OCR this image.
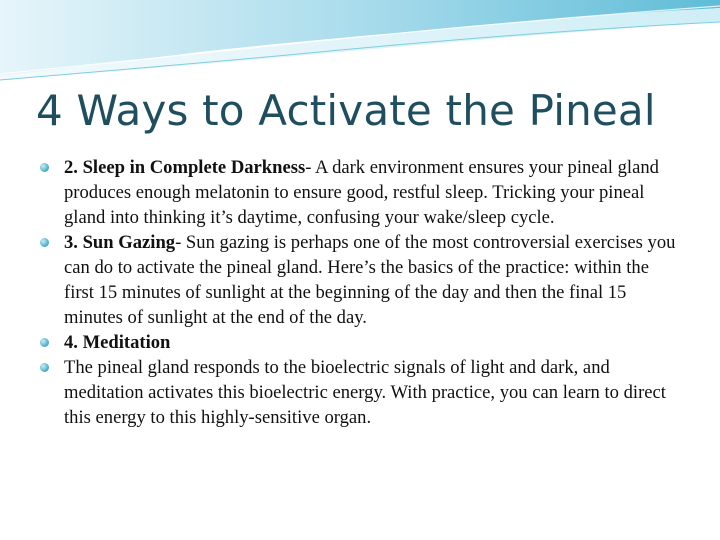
4 Ways to Activate the Pineal
2. Sleep in Complete Darkness- A dark environment ensures your pineal gland produces enough melatonin to ensure good, restful sleep. Tricking your pineal gland into thinking it’s daytime, confusing your wake/sleep cycle.
3. Sun Gazing- Sun gazing is perhaps one of the most controversial exercises you can do to activate the pineal gland. Here’s the basics of the practice: within the first 15 minutes of sunlight at the beginning of the day and then the final 15 minutes of sunlight at the end of the day.
4. Meditation
The pineal gland responds to the bioelectric signals of light and dark, and meditation activates this bioelectric energy. With practice, you can learn to direct this energy to this highly-sensitive organ.
